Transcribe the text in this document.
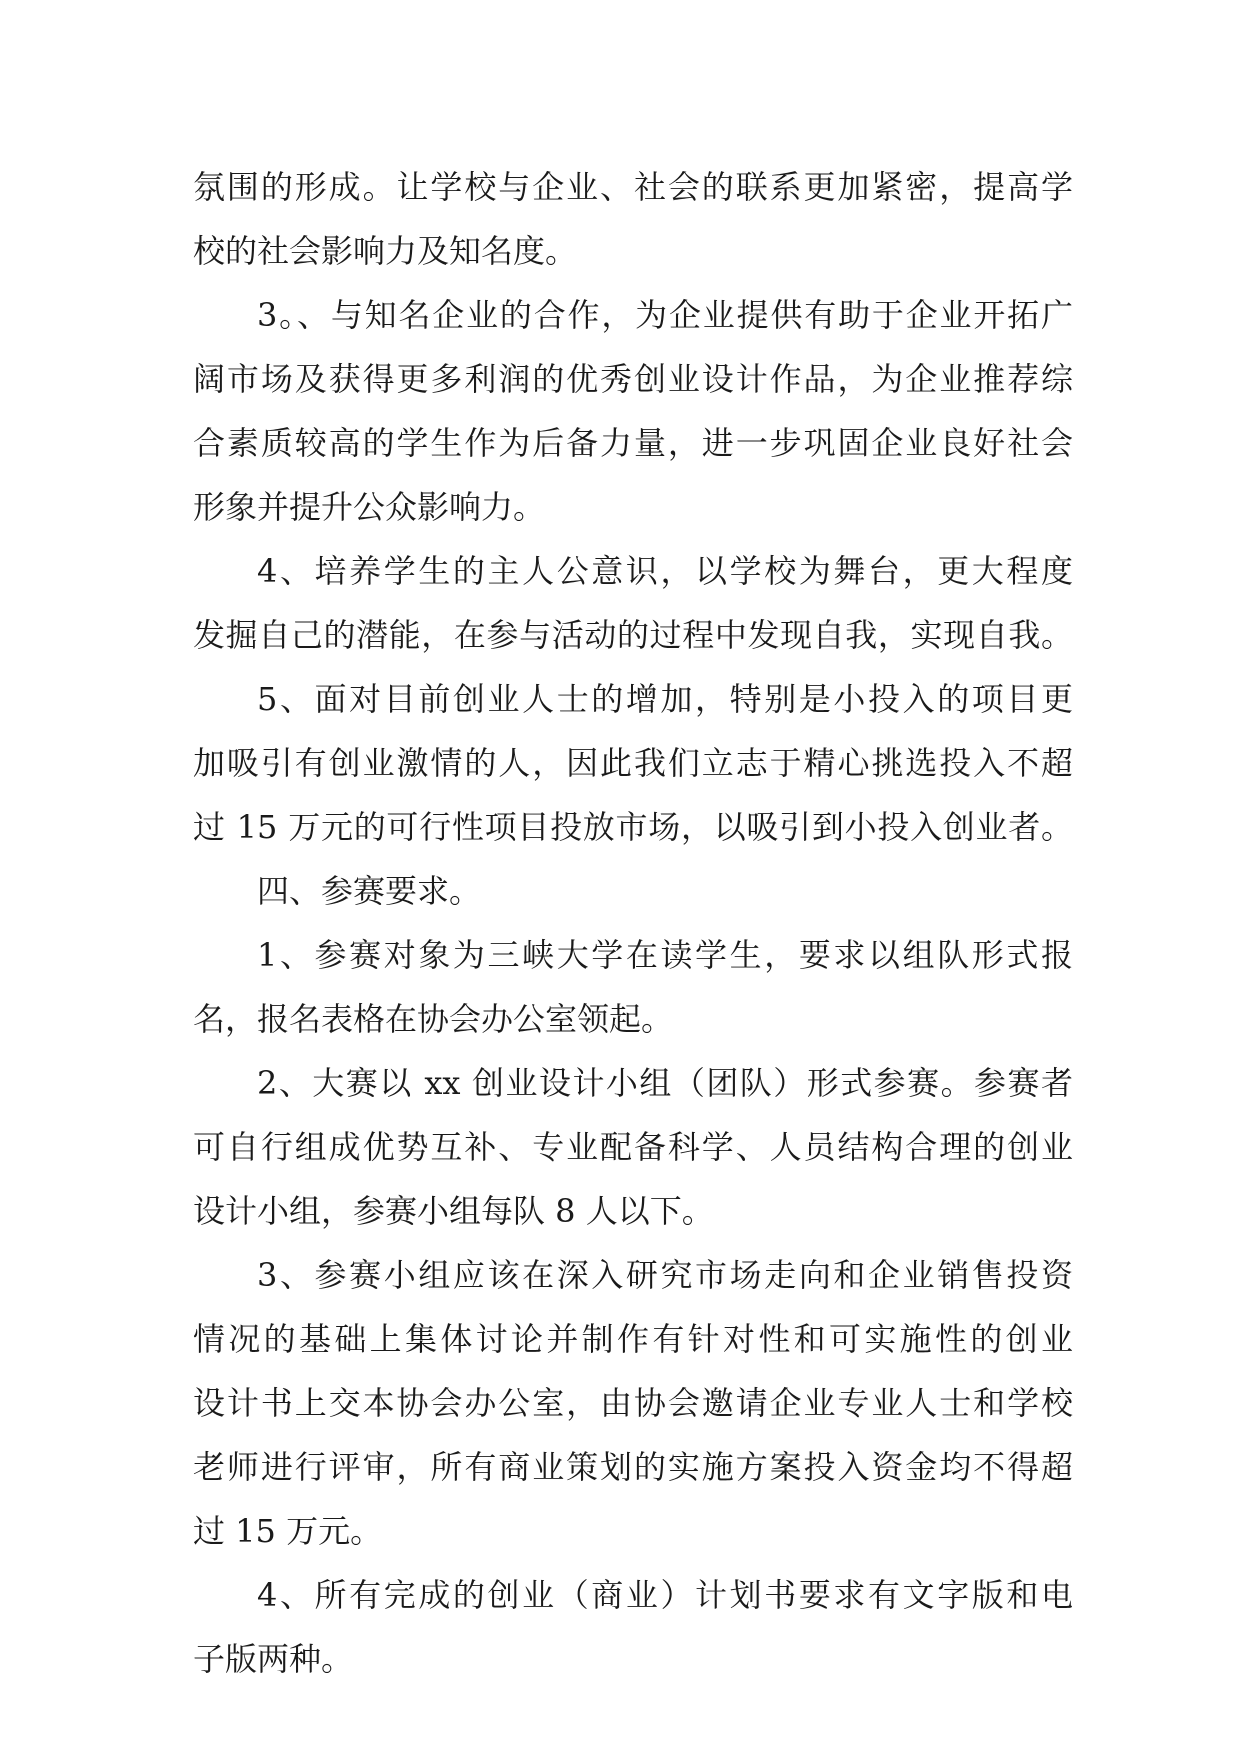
氛围的形成。让学校与企业、社会的联系更加紧密，提高学
校的社会影响力及知名度。
3。、与知名企业的合作，为企业提供有助于企业开拓广
阔市场及获得更多利润的优秀创业设计作品，为企业推荐综
合素质较高的学生作为后备力量，进一步巩固企业良好社会
形象并提升公众影响力。
4、培养学生的主人公意识，以学校为舞台，更大程度
发掘自己的潜能，在参与活动的过程中发现自我，实现自我。
5、面对目前创业人士的增加，特别是小投入的项目更
加吸引有创业激情的人，因此我们立志于精心挑选投入不超
过 15 万元的可行性项目投放市场，以吸引到小投入创业者。
四、参赛要求。
1、参赛对象为三峡大学在读学生，要求以组队形式报
名，报名表格在协会办公室领起。
2、大赛以 xx 创业设计小组（团队）形式参赛。参赛者
可自行组成优势互补、专业配备科学、人员结构合理的创业
设计小组，参赛小组每队 8 人以下。
3、参赛小组应该在深入研究市场走向和企业销售投资
情况的基础上集体讨论并制作有针对性和可实施性的创业
设计书上交本协会办公室，由协会邀请企业专业人士和学校
老师进行评审，所有商业策划的实施方案投入资金均不得超
过 15 万元。
4、所有完成的创业（商业）计划书要求有文字版和电
子版两种。
